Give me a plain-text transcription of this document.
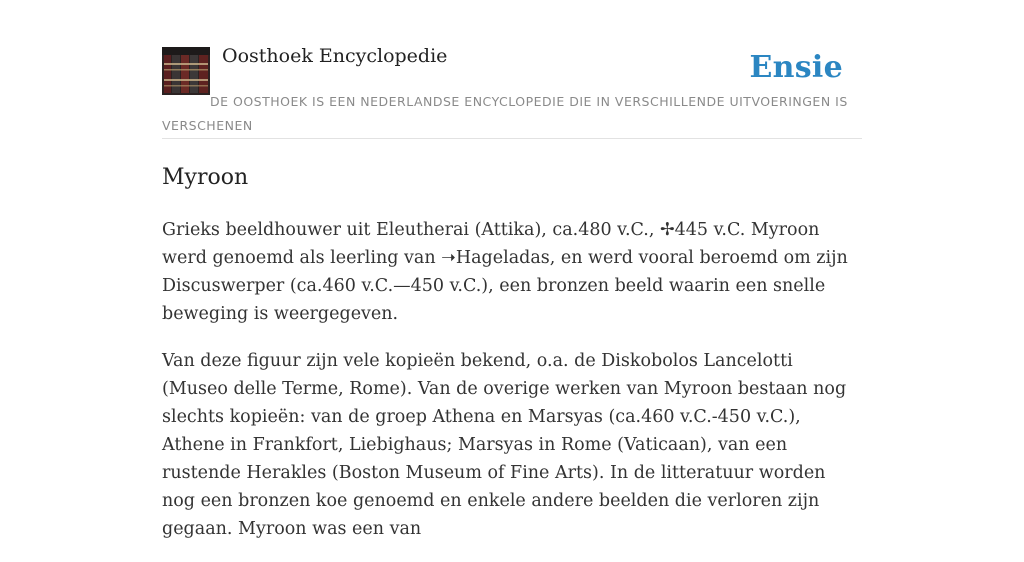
Oosthoek Encyclopedie	Ensie
DE OOSTHOEK IS EEN NEDERLANDSE ENCYCLOPEDIE DIE IN VERSCHILLENDE UITVOERINGEN IS VERSCHENEN
Myroon

Grieks beeldhouwer uit Eleutherai (Attika), ca.480 v.C., ✢445 v.C. Myroon werd genoemd als leerling van ➝Hageladas, en werd vooral beroemd om zijn Discuswerper (ca.460 v.C.—450 v.C.), een bronzen beeld waarin een snelle beweging is weergegeven.

Van deze figuur zijn vele kopieën bekend, o.a. de Diskobolos Lancelotti (Museo delle Terme, Rome). Van de overige werken van Myroon bestaan nog slechts kopieën: van de groep Athena en Marsyas (ca.460 v.C.-450 v.C.), Athene in Frankfort, Liebighaus; Marsyas in Rome (Vaticaan), van een rustende Herakles (Boston Museum of Fine Arts). In de litteratuur worden nog een bronzen koe genoemd en enkele andere beelden die verloren zijn gegaan. Myroon was een van
